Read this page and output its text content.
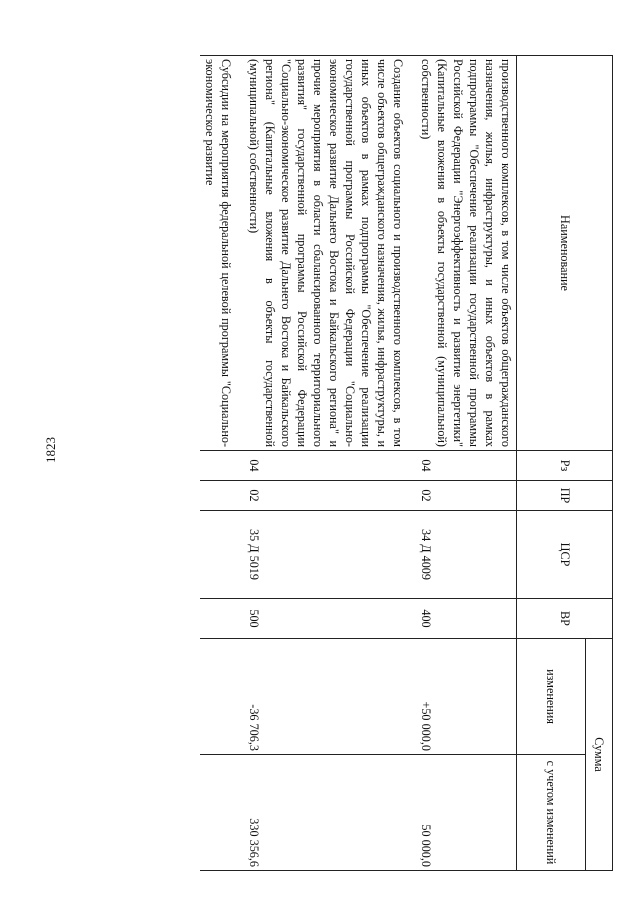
1823
Наименование	Рз	ПР	ЦСР	ВР	Сумма	
					изменения	с учетом изменений
производственного комплексов, в том числе объектов общегражданского назначения, жилья, инфраструктуры, и иных объектов в рамках подпрограммы "Обеспечение реализации государственной программы Российской Федерации "Энергоэффективность и развитие энергетики" (Капитальные вложения в объекты государственной (муниципальной) собственности)	04	02	34 Д 4009	400	+50 000,0	50 000,0

Создание объектов социального и производственного комплексов, в том числе объектов общегражданского назначения, жилья, инфраструктуры, и иных объектов в рамках подпрограммы "Обеспечение реализации государственной программы Российской Федерации "Социально-экономическое развитие Дальнего Востока и Байкальского региона" и прочие мероприятия в области сбалансированного территориального развития" государственной программы Российской Федерации "Социально-экономическое развитие Дальнего Востока и Байкальского региона" (Капитальные вложения в объекты государственной (муниципальной) собственности)	04	02	35 Д 5019	500	-36 706,3	330 356,6

Субсидии на мероприятия федеральной целевой программы "Социально-экономическое развитие						
